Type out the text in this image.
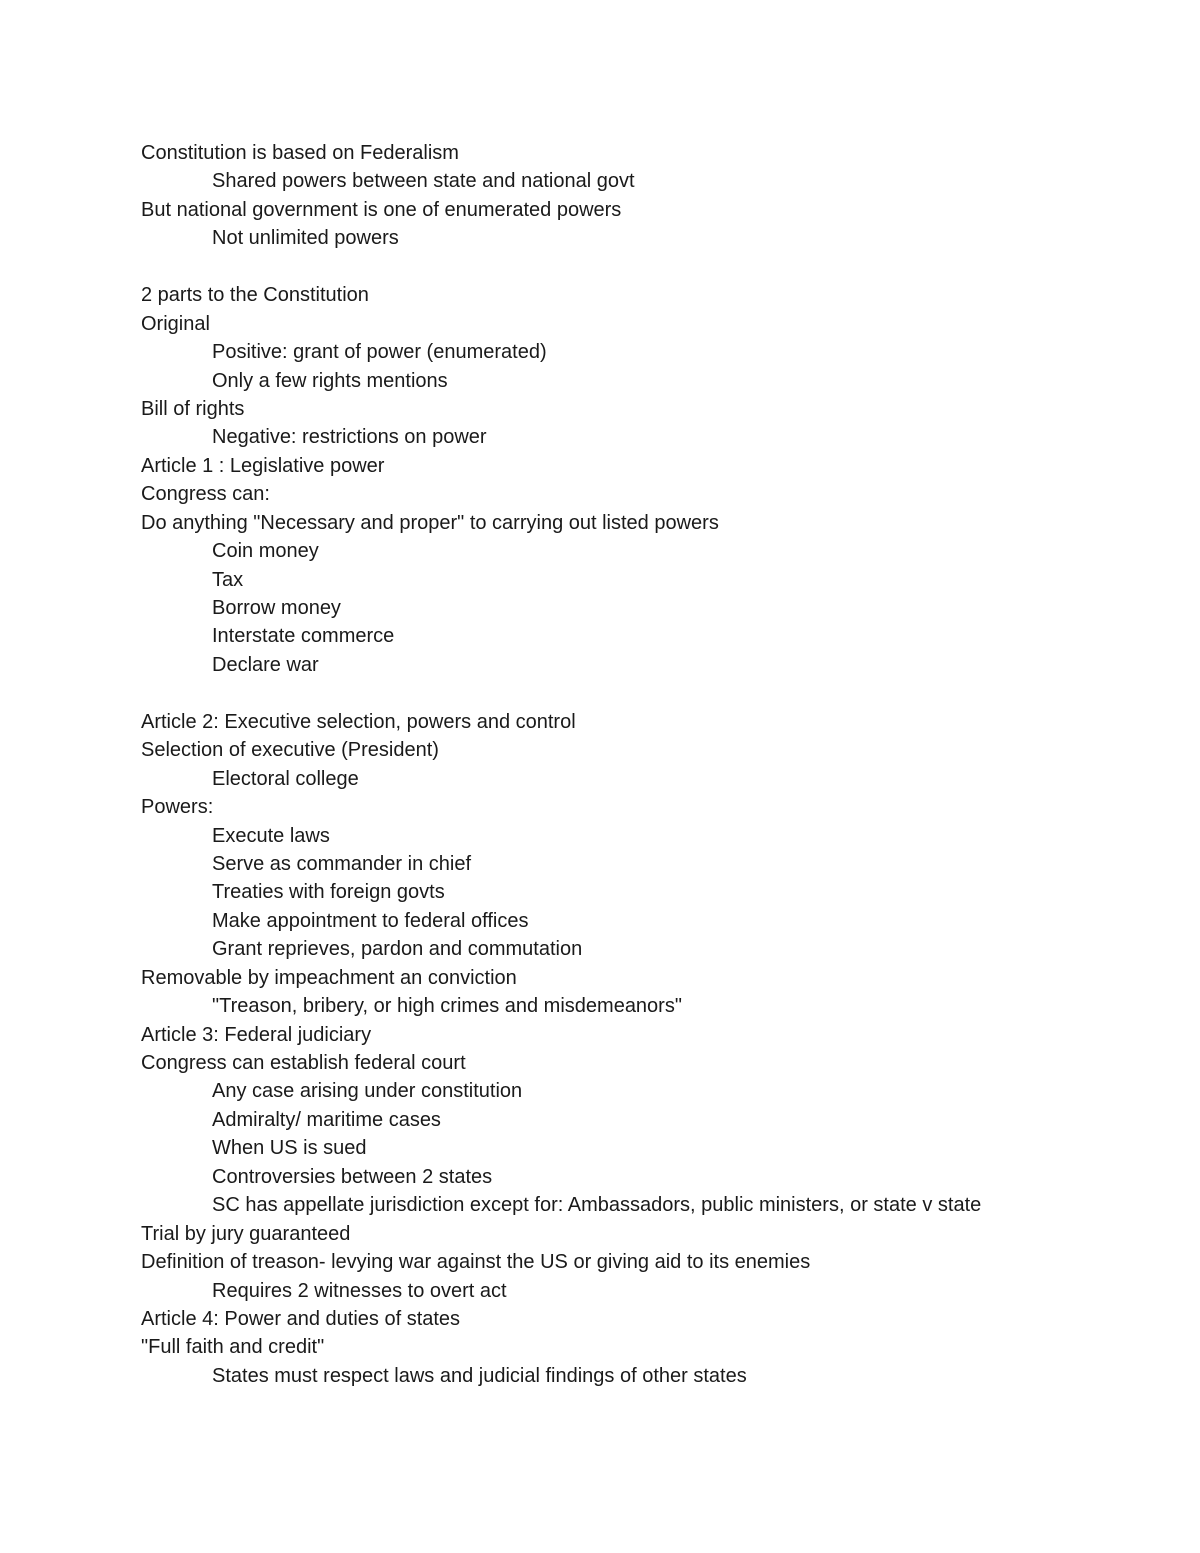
Constitution is based on Federalism
Shared powers between state and national govt
But national government is one of enumerated powers
Not unlimited powers
2 parts to the Constitution
Original
Positive: grant of power (enumerated)
Only a few rights mentions
Bill of rights
Negative: restrictions on power
Article 1 : Legislative power
Congress can:
Do anything "Necessary and proper" to carrying out listed powers
Coin money
Tax
Borrow money
Interstate commerce
Declare war
Article 2: Executive selection, powers and control
Selection of executive (President)
Electoral college
Powers:
Execute laws
Serve as commander in chief
Treaties with foreign govts
Make appointment to federal offices
Grant reprieves, pardon and commutation
Removable by impeachment an conviction
"Treason, bribery, or high crimes and misdemeanors"
Article 3: Federal judiciary
Congress can establish federal court
Any case arising under constitution
Admiralty/ maritime cases
When US is sued
Controversies between 2 states
SC has appellate jurisdiction except for: Ambassadors, public ministers, or state v state
Trial by jury guaranteed
Definition of treason- levying war against the US or giving aid to its enemies
Requires 2 witnesses to overt act
Article 4: Power and duties of states
"Full faith and credit"
States must respect laws and judicial findings of other states
